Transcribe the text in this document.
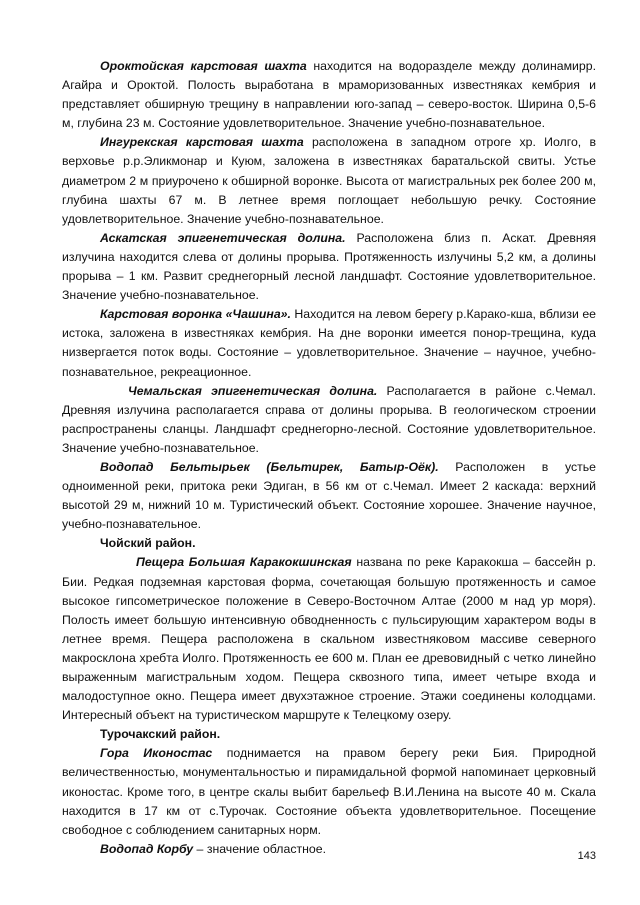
Ороктойская карстовая шахта находится на водоразделе между долинамирр. Агайра и Ороктой. Полость выработана в мраморизованных известняках кембрия и представляет обширную трещину в направлении юго-запад – северо-восток. Ширина 0,5-6 м, глубина 23 м. Состояние удовлетворительное. Значение учебно-познавательное.

Ингурекская карстовая шахта расположена в западном отроге хр. Иолго, в верховье р.р.Эликмонар и Куюм, заложена в известняках баратальской свиты. Устье диаметром 2 м приурочено к обширной воронке. Высота от магистральных рек более 200 м, глубина шахты 67 м. В летнее время поглощает небольшую речку. Состояние удовлетворительное. Значение учебно-познавательное.

Аскатская эпигенетическая долина. Расположена близ п. Аскат. Древняя излучина находится слева от долины прорыва. Протяженность излучины 5,2 км, а долины прорыва – 1 км. Развит среднегорный лесной ландшафт. Состояние удовлетворительное. Значение учебно-познавательное.

Карстовая воронка «Чашина». Находится на левом берегу р.Каракo-кша, вблизи ее истока, заложена в известняках кембрия. На дне воронки имеется понор-трещина, куда низвергается поток воды. Состояние – удовлетворительное. Значение – научное, учебно-познавательное, рекреационное.

Чемальская эпигенетическая долина. Располагается в районе с.Чемал. Древняя излучина располагается справа от долины прорыва. В геологическом строении распространены сланцы. Ландшафт среднегорно-лесной. Состояние удовлетворительное. Значение учебно-познавательное.

Водопад Бельтырьек (Бельтирек, Батыр-Оёк). Расположен в устье одноименной реки, притока реки Эдиган, в 56 км от с.Чемал. Имеет 2 каскада: верхний высотой 29 м, нижний 10 м. Туристический объект. Состояние хорошее. Значение научное, учебно-познавательное.

Чойский район.

Пещера Большая Каракокшинская названа по реке Каракокша – бассейн р. Бии. Редкая подземная карстовая форма, сочетающая большую протяженность и самое высокое гипсометрическое положение в Северо-Восточном Алтае (2000 м над ур моря). Полость имеет большую интенсивную обводненность с пульсирующим характером воды в летнее время. Пещера расположена в скальном известняковом массиве северного макросклона хребта Иолго. Протяженность ее 600 м. План ее древовидный с четко линейно выраженным магистральным ходом. Пещера сквозного типа, имеет четыре входа и малодоступное окно. Пещера имеет двухэтажное строение. Этажи соединены колодцами. Интересный объект на туристическом маршруте к Телецкому озеру.

Турочакский район.

Гора Иконостас поднимается на правом берегу реки Бия. Природной величественностью, монументальностью и пирамидальной формой напоминает церковный иконостас. Кроме того, в центре скалы выбит барельеф В.И.Ленина на высоте 40 м. Скала находится в 17 км от с.Турочак. Состояние объекта удовлетворительное. Посещение свободное с соблюдением санитарных норм.

Водопад Корбу – значение областное.

143
